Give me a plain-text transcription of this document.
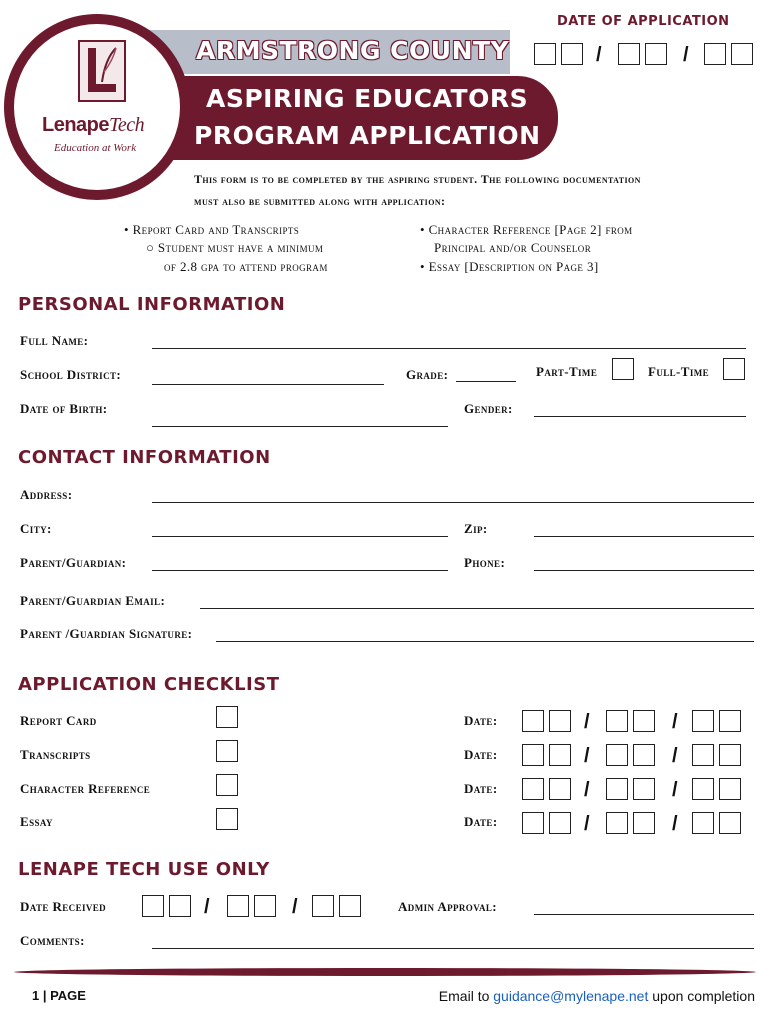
ARMSTRONG COUNTY
ASPIRING EDUCATORS
PROGRAM APPLICATION
LenapeTech
Education at Work
DATE OF APPLICATION
/	/
This form is to be completed by the aspiring student. The following documentation
must also be submitted along with application:
• Report Card and Transcripts
○ Student must have a minimum
of 2.8 gpa to attend program
• Character Reference [Page 2] from
Principal and/or Counselor
• Essay [Description on Page 3]
PERSONAL INFORMATION
Full Name:
School District:	Grade:	Part-Time	Full-Time
Date of Birth:	Gender:
CONTACT INFORMATION
Address:
City:	Zip:
Parent/Guardian:	Phone:
Parent/Guardian Email:
Parent /Guardian Signature:
APPLICATION CHECKLIST
Report Card	Date:	/	/
Transcripts	Date:	/	/
Character Reference	Date:	/	/
Essay	Date:	/	/
LENAPE TECH USE ONLY
Date Received	/	/	Admin Approval:
Comments:
1 | PAGE	Email to guidance@mylenape.net upon completion
